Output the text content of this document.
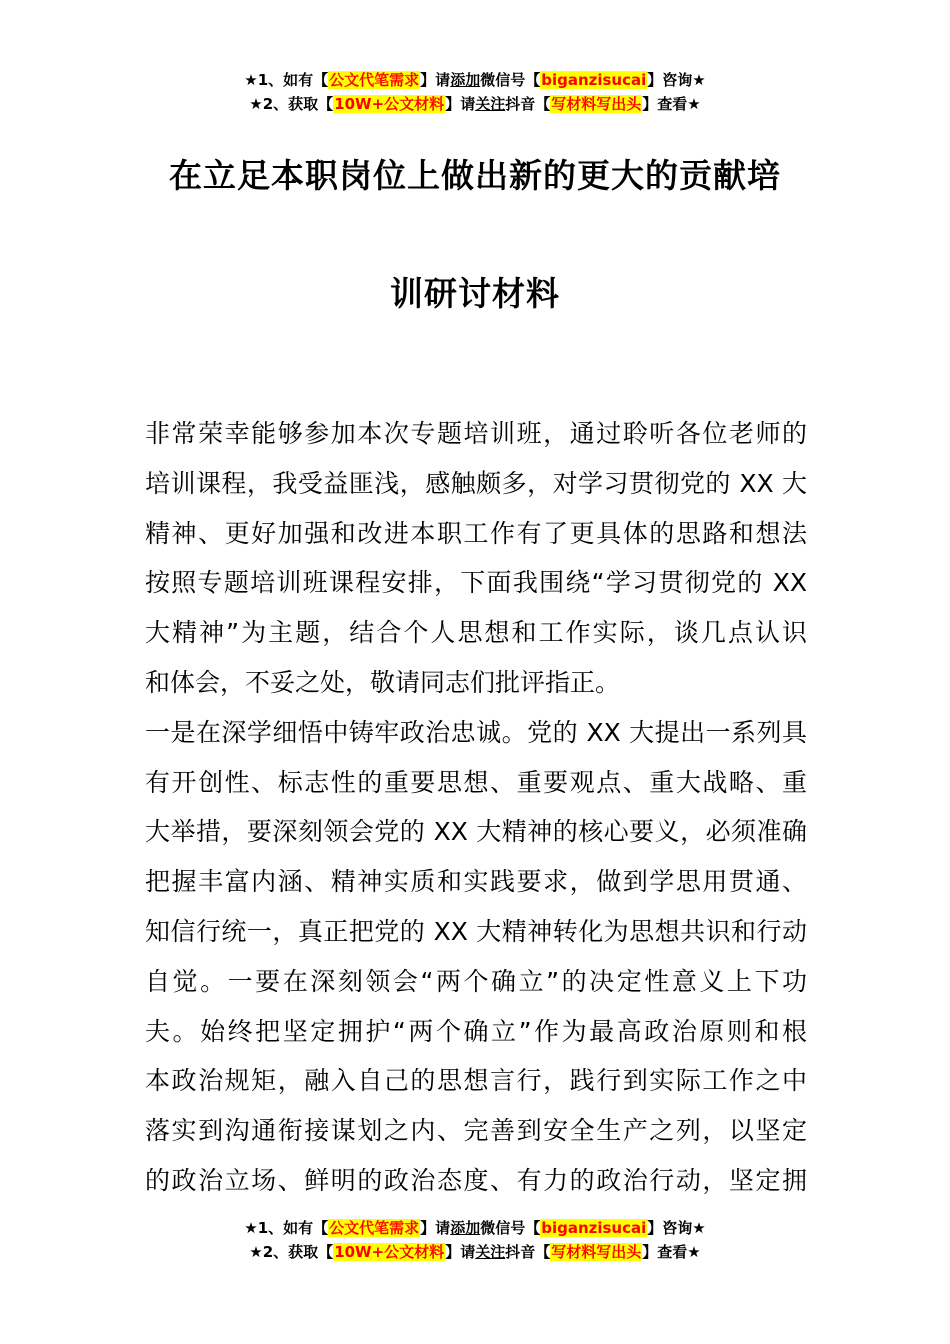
★1、如有【公文代笔需求】请添加微信号【biganzisucai】咨询★
★2、获取【10W+公文材料】请关注抖音【写材料写出头】查看★
在立足本职岗位上做出新的更大的贡献培
训研讨材料
非常荣幸能够参加本次专题培训班，通过聆听各位老师的
培训课程，我受益匪浅，感触颇多，对学习贯彻党的 XX 大
精神、更好加强和改进本职工作有了更具体的思路和想法
按照专题培训班课程安排，下面我围绕“学习贯彻党的 XX
大精神”为主题，结合个人思想和工作实际，谈几点认识
和体会，不妥之处，敬请同志们批评指正。
一是在深学细悟中铸牢政治忠诚。党的 XX 大提出一系列具
有开创性、标志性的重要思想、重要观点、重大战略、重
大举措，要深刻领会党的 XX 大精神的核心要义，必须准确
把握丰富内涵、精神实质和实践要求，做到学思用贯通、
知信行统一，真正把党的 XX 大精神转化为思想共识和行动
自觉。一要在深刻领会“两个确立”的决定性意义上下功
夫。始终把坚定拥护“两个确立”作为最高政治原则和根
本政治规矩，融入自己的思想言行，践行到实际工作之中
落实到沟通衔接谋划之内、完善到安全生产之列，以坚定
的政治立场、鲜明的政治态度、有力的政治行动，坚定拥
★1、如有【公文代笔需求】请添加微信号【biganzisucai】咨询★
★2、获取【10W+公文材料】请关注抖音【写材料写出头】查看★
